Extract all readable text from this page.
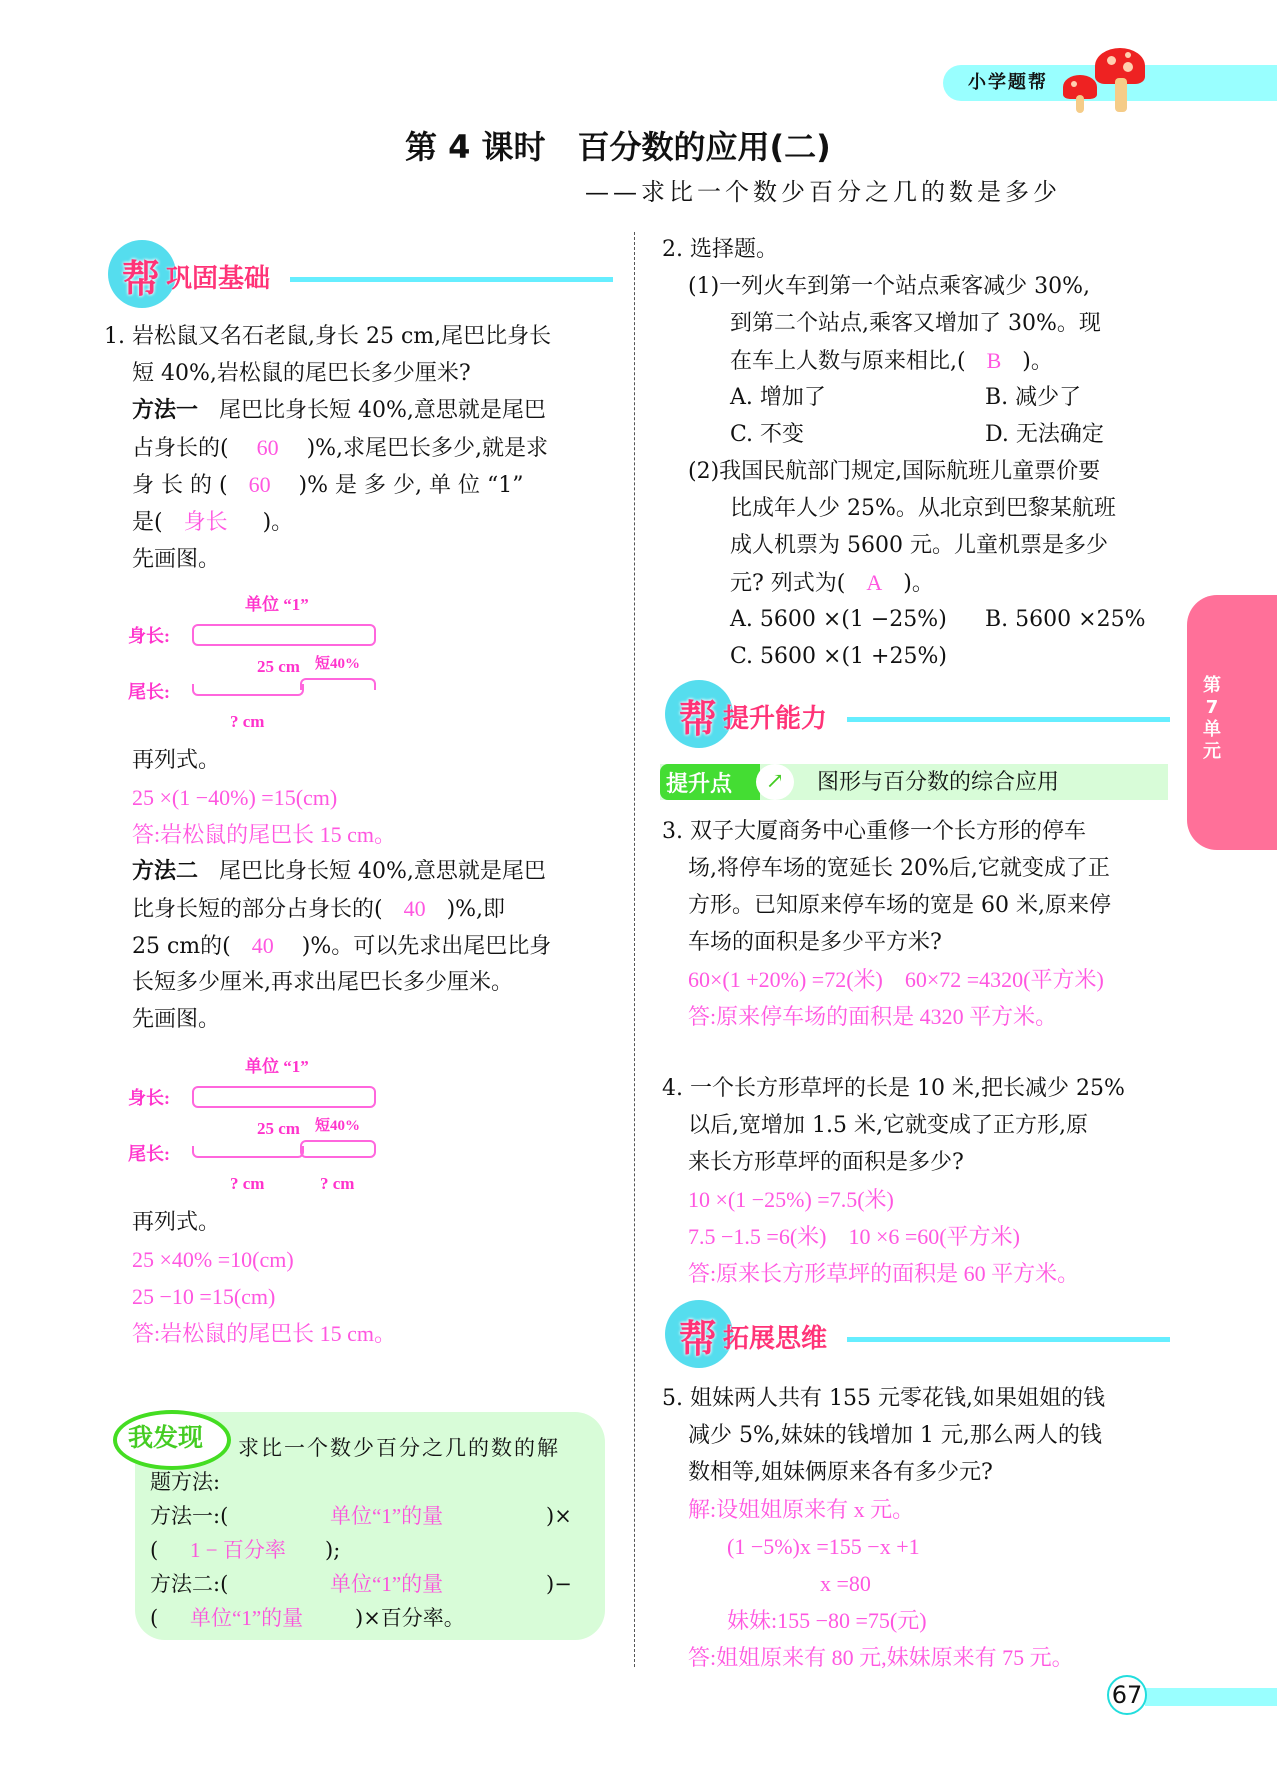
小学题帮
第 4 课时　百分数的应用(二)
——求比一个数少百分之几的数是多少
帮 巩固基础
1. 岩松鼠又名石老鼠,身长 25 cm,尾巴比身长
短 40%,岩松鼠的尾巴长多少厘米?
方法一 尾巴比身长短 40%,意思就是尾巴
占身长的( 60 )%,求尾巴长多少,就是求
身 长 的 ( 60 )% 是 多 少, 单 位 “1”
是( 身长 )。
先画图。
单位 “1”
身长:
25 cm 短40%
尾长:
? cm
再列式。
25 ×(1 −40%) =15(cm)
答:岩松鼠的尾巴长 15 cm。
方法二 尾巴比身长短 40%,意思就是尾巴
比身长短的部分占身长的( 40 )%,即
25 cm的( 40 )%。可以先求出尾巴比身
长短多少厘米,再求出尾巴长多少厘米。
先画图。
单位 “1”
身长:
25 cm 短40%
尾长:
? cm	? cm
再列式。
25 ×40% =10(cm)
25 −10 =15(cm)
答:岩松鼠的尾巴长 15 cm。
我发现 求比一个数少百分之几的数的解
题方法:
方法一:(	单位“1”的量	)×
( 1 − 百分率 );
方法二:(	单位“1”的量	)−
( 单位“1”的量 )×百分率。
2. 选择题。
(1)一列火车到第一个站点乘客减少 30%,
到第二个站点,乘客又增加了 30%。现
在车上人数与原来相比,( B )。
A. 增加了	B. 减少了
C. 不变	D. 无法确定
(2)我国民航部门规定,国际航班儿童票价要
比成年人少 25%。从北京到巴黎某航班
成人机票为 5600 元。儿童机票是多少
元? 列式为( A )。
A. 5600 ×(1 −25%) B. 5600 ×25%
C. 5600 ×(1 +25%)
帮 提升能力
提升点	↗	图形与百分数的综合应用
3. 双子大厦商务中心重修一个长方形的停车
场,将停车场的宽延长 20%后,它就变成了正
方形。已知原来停车场的宽是 60 米,原来停
车场的面积是多少平方米?
60×(1 +20%) =72(米)　60×72 =4320(平方米)
答:原来停车场的面积是 4320 平方米。
4. 一个长方形草坪的长是 10 米,把长减少 25%
以后,宽增加 1.5 米,它就变成了正方形,原
来长方形草坪的面积是多少?
10 ×(1 −25%) =7.5(米)
7.5 −1.5 =6(米)　10 ×6 =60(平方米)
答:原来长方形草坪的面积是 60 平方米。
帮 拓展思维
5. 姐妹两人共有 155 元零花钱,如果姐姐的钱
减少 5%,妹妹的钱增加 1 元,那么两人的钱
数相等,姐妹俩原来各有多少元?
解:设姐姐原来有 x 元。
(1 −5%)x =155 −x +1
x =80
妹妹:155 −80 =75(元)
答:姐姐原来有 80 元,妹妹原来有 75 元。
第7单元
67
